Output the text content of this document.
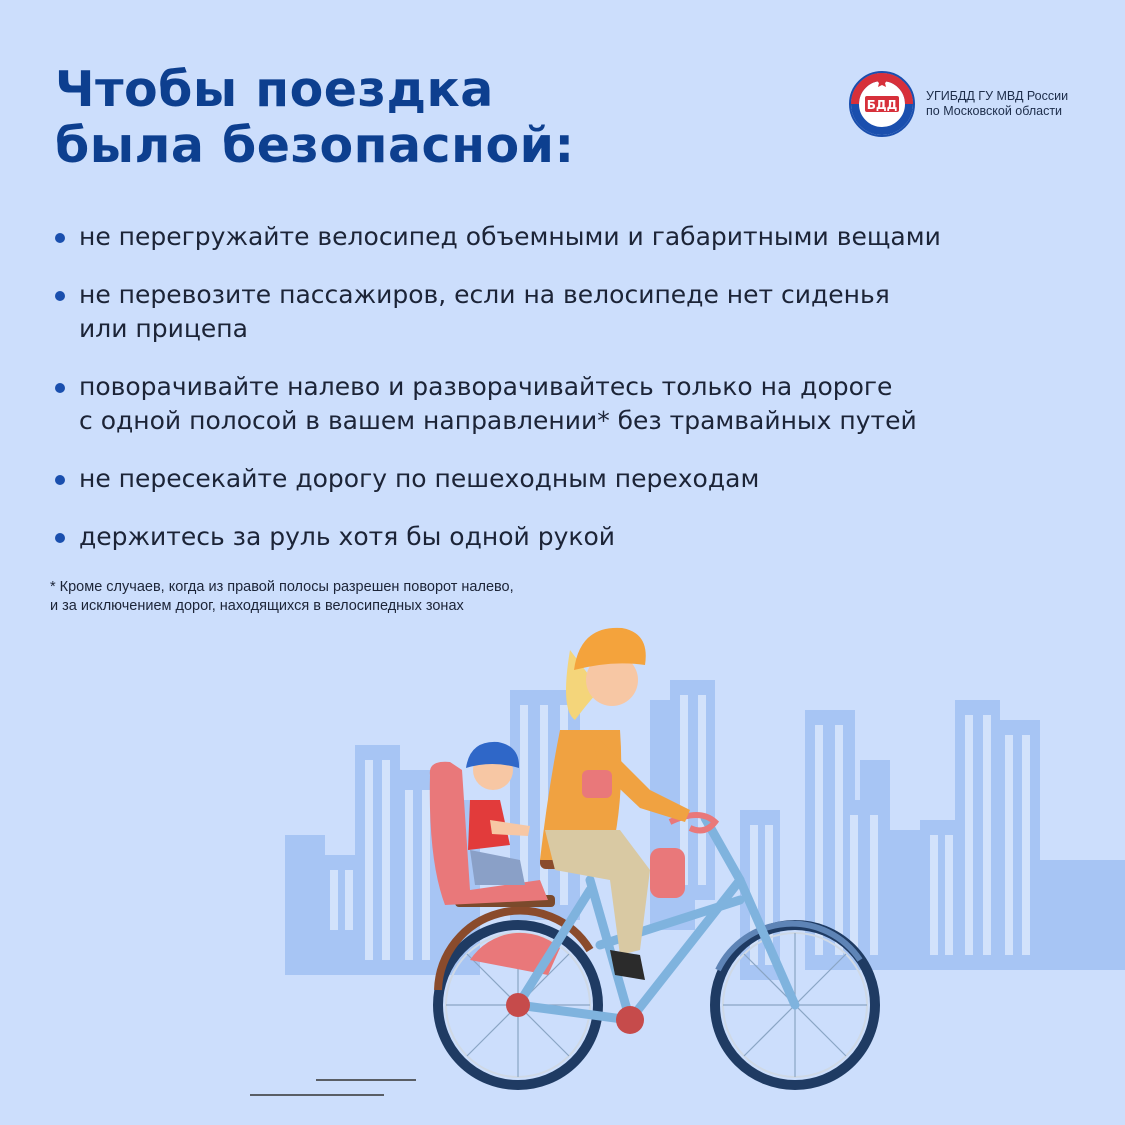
Чтобы поездка
была безопасной:
БДД
УГИБДД ГУ МВД России
по Московской области
не перегружайте велосипед объемными и габаритными вещами
не перевозите пассажиров, если на велосипеде нет сиденья
или прицепа
поворачивайте налево и разворачивайтесь только на дороге
с одной полосой в вашем направлении* без трамвайных путей
не пересекайте дорогу по пешеходным переходам
держитесь за руль хотя бы одной рукой

* Кроме случаев, когда из правой полосы разрешен поворот налево,
и за исключением дорог, находящихся в велосипедных зонах
